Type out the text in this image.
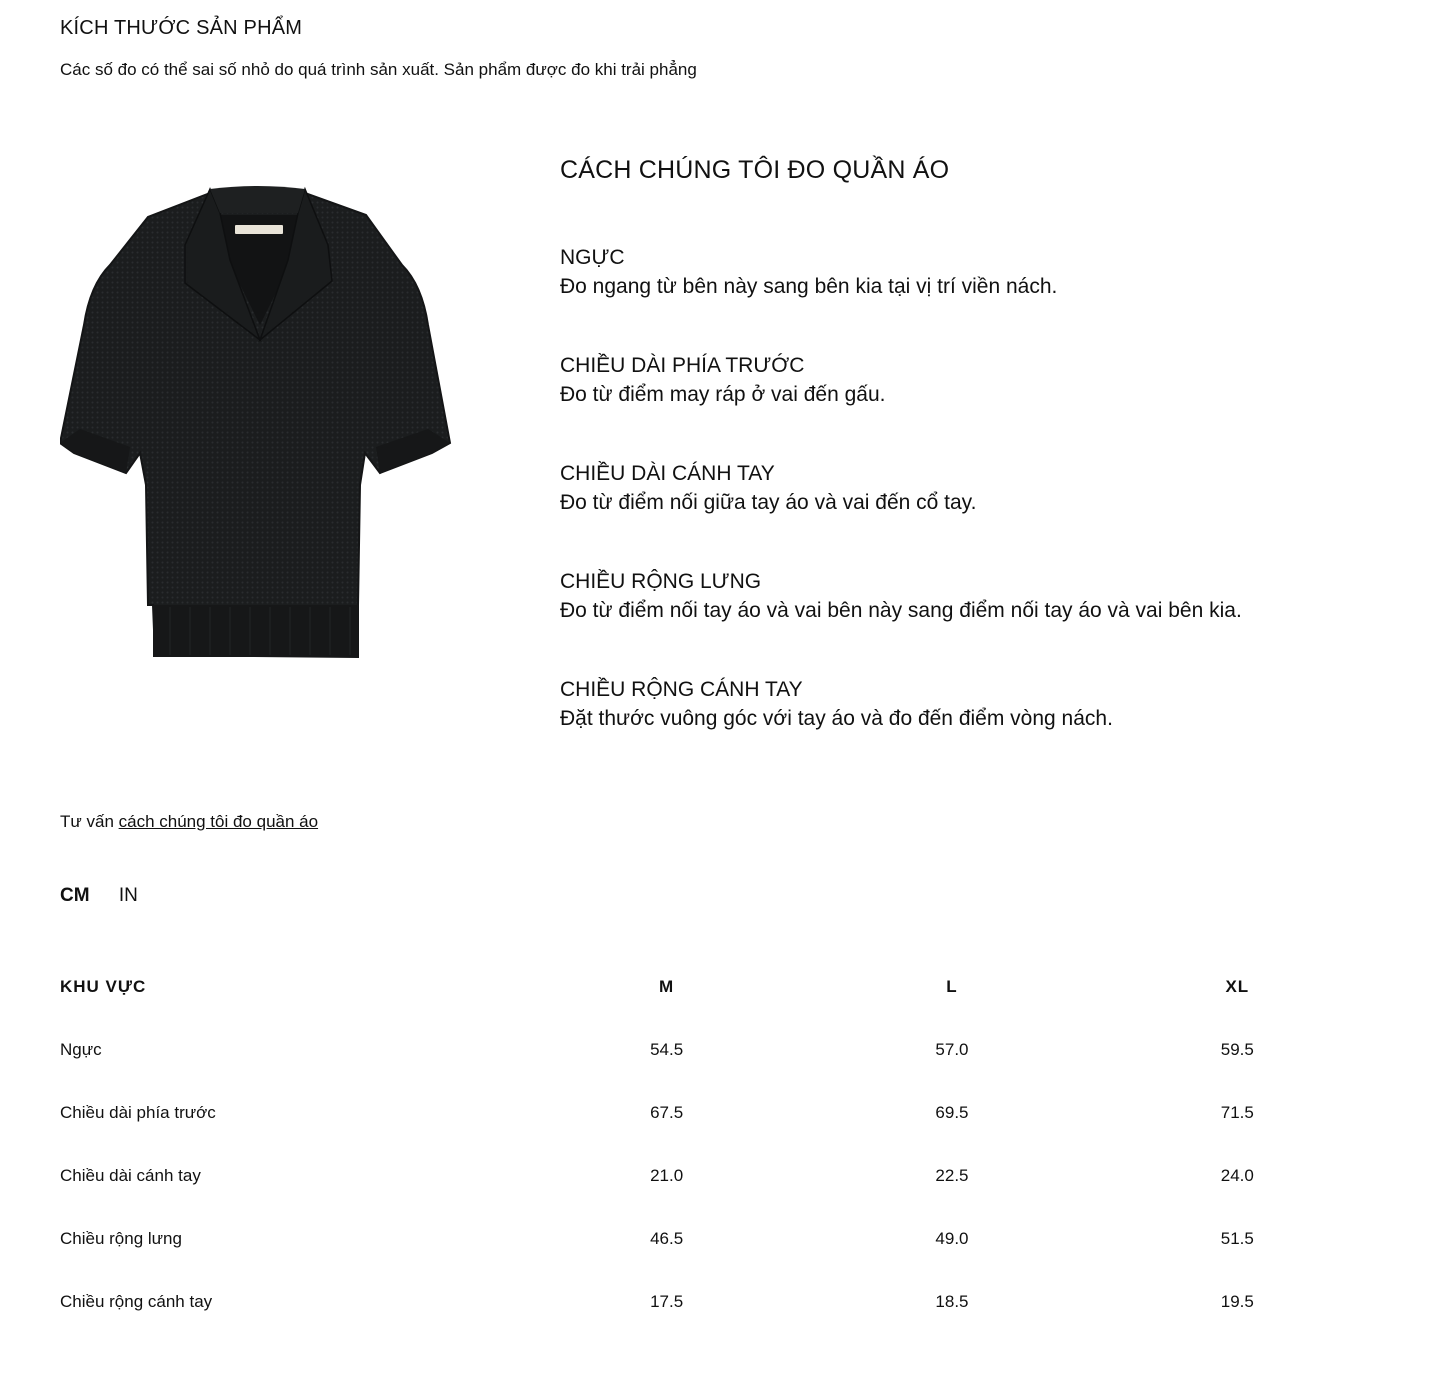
KÍCH THƯỚC SẢN PHẨM
Các số đo có thể sai số nhỏ do quá trình sản xuất. Sản phẩm được đo khi trải phẳng
CÁCH CHÚNG TÔI ĐO QUẦN ÁO
NGỰC
Đo ngang từ bên này sang bên kia tại vị trí viền nách.
CHIỀU DÀI PHÍA TRƯỚC
Đo từ điểm may ráp ở vai đến gấu.
CHIỀU DÀI CÁNH TAY
Đo từ điểm nối giữa tay áo và vai đến cổ tay.
CHIỀU RỘNG LƯNG
Đo từ điểm nối tay áo và vai bên này sang điểm nối tay áo và vai bên kia.
CHIỀU RỘNG CÁNH TAY
Đặt thước vuông góc với tay áo và đo đến điểm vòng nách.
Tư vấn cách chúng tôi đo quần áo
CM IN
KHU VỰC	M	L	XL
Ngực	54.5	57.0	59.5
Chiều dài phía trước	67.5	69.5	71.5
Chiều dài cánh tay	21.0	22.5	24.0
Chiều rộng lưng	46.5	49.0	51.5
Chiều rộng cánh tay	17.5	18.5	19.5
